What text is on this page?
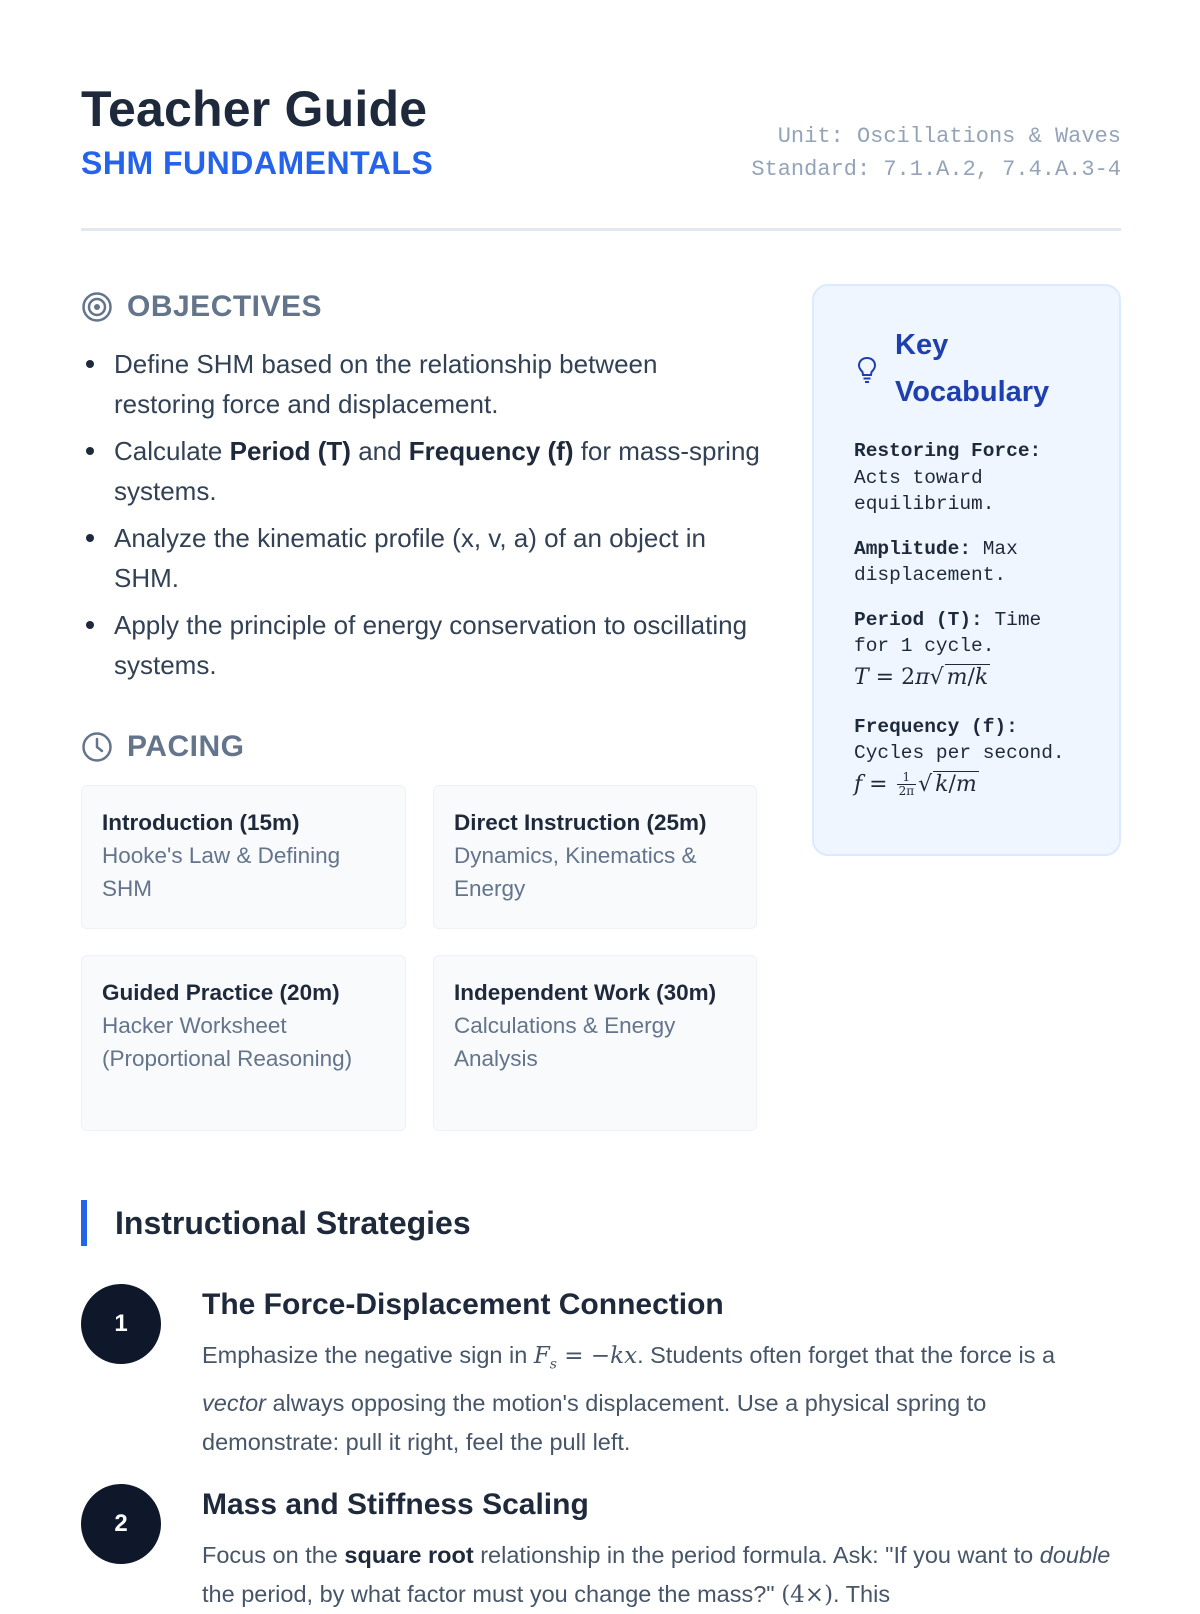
Teacher Guide
SHM FUNDAMENTALS
Unit: Oscillations & Waves
Standard: 7.1.A.2, 7.4.A.3-4
OBJECTIVES
Define SHM based on the relationship between restoring force and displacement.
Calculate Period (T) and Frequency (f) for mass-spring systems.
Analyze the kinematic profile (x, v, a) of an object in SHM.
Apply the principle of energy conservation to oscillating systems.
PACING
Introduction (15m)
Hooke's Law & Defining SHM
Direct Instruction (25m)
Dynamics, Kinematics & Energy
Guided Practice (20m)
Hacker Worksheet (Proportional Reasoning)
Independent Work (30m)
Calculations & Energy Analysis
Key Vocabulary
Restoring Force: Acts toward equilibrium.
Amplitude: Max displacement.
Period (T): Time for 1 cycle.
T = 2π√ m/k
Frequency (f): Cycles per second.
$f = \frac{1}{2\pi}$ √ k/m
Instructional Strategies
1
The Force-Displacement Connection
Emphasize the negative sign in $F_s = -kx$. Students often forget that the force is a vector always opposing the motion's displacement. Use a physical spring to demonstrate: pull it right, feel the pull left.
2
Mass and Stiffness Scaling
Focus on the square root relationship in the period formula. Ask: "If you want to double the period, by what factor must you change the mass?" (4×). This
